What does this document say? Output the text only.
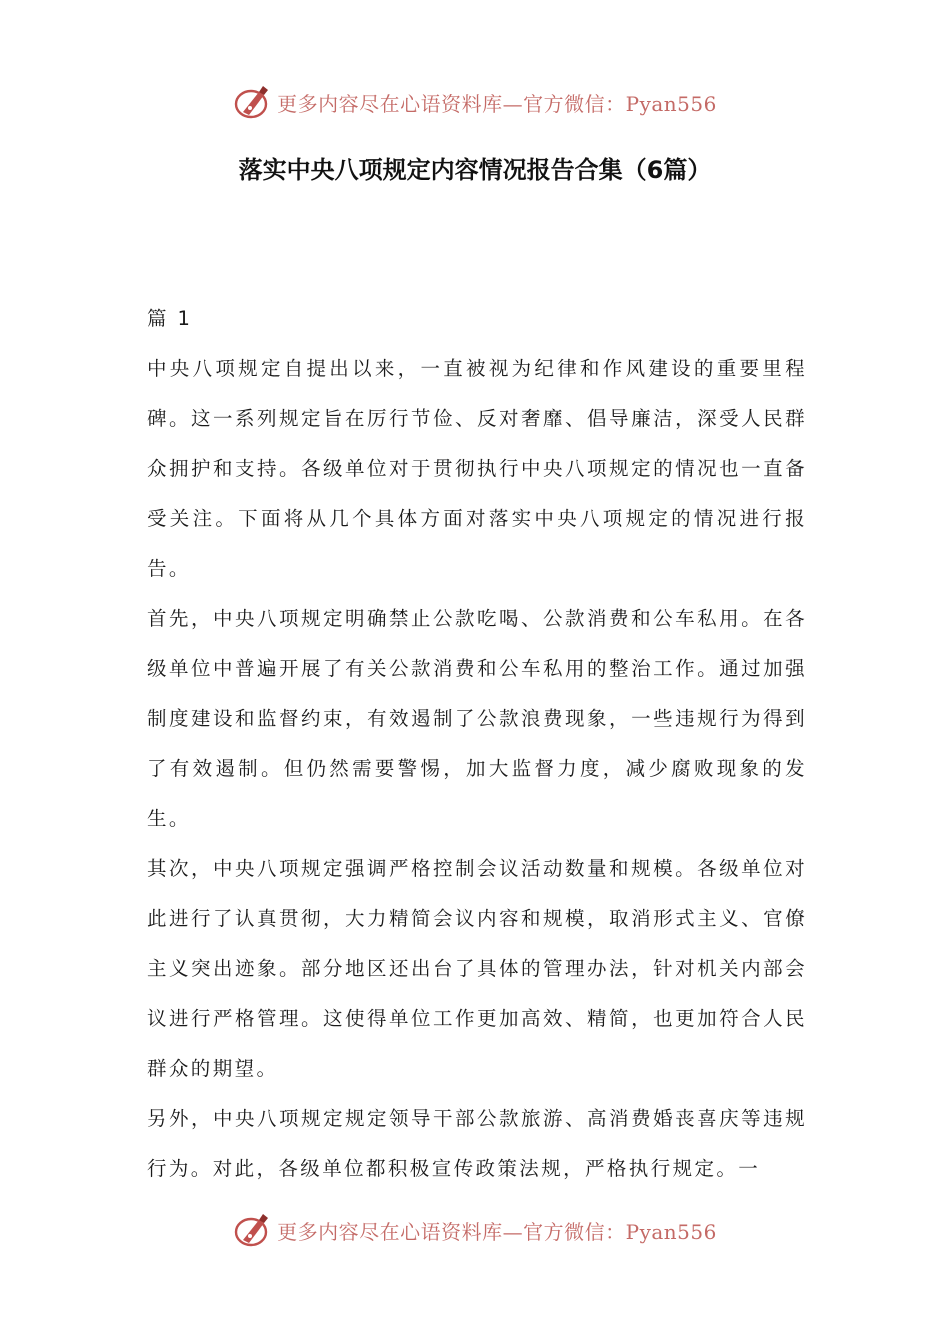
更多内容尽在心语资料库—官方微信：Pyan556
落实中央八项规定内容情况报告合集（6篇）

篇 1

中央八项规定自提出以来，一直被视为纪律和作风建设的重要里程碑。这一系列规定旨在厉行节俭、反对奢靡、倡导廉洁，深受人民群众拥护和支持。各级单位对于贯彻执行中央八项规定的情况也一直备受关注。下面将从几个具体方面对落实中央八项规定的情况进行报告。

首先，中央八项规定明确禁止公款吃喝、公款消费和公车私用。在各级单位中普遍开展了有关公款消费和公车私用的整治工作。通过加强制度建设和监督约束，有效遏制了公款浪费现象，一些违规行为得到了有效遏制。但仍然需要警惕，加大监督力度，减少腐败现象的发生。

其次，中央八项规定强调严格控制会议活动数量和规模。各级单位对此进行了认真贯彻，大力精简会议内容和规模，取消形式主义、官僚主义突出迹象。部分地区还出台了具体的管理办法，针对机关内部会议进行严格管理。这使得单位工作更加高效、精简，也更加符合人民群众的期望。

另外，中央八项规定规定领导干部公款旅游、高消费婚丧喜庆等违规行为。对此，各级单位都积极宣传政策法规，严格执行规定。一

更多内容尽在心语资料库—官方微信：Pyan556
